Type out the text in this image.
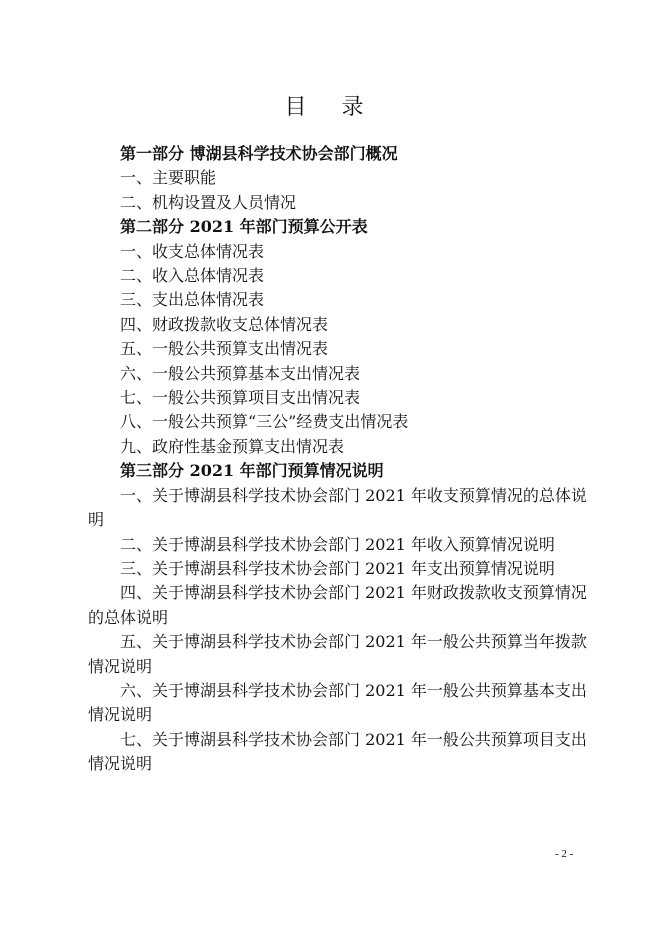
目 录
第一部分 博湖县科学技术协会部门概况
一、主要职能
二、机构设置及人员情况
第二部分 2021 年部门预算公开表
一、收支总体情况表
二、收入总体情况表
三、支出总体情况表
四、财政拨款收支总体情况表
五、一般公共预算支出情况表
六、一般公共预算基本支出情况表
七、一般公共预算项目支出情况表
八、一般公共预算“三公”经费支出情况表
九、政府性基金预算支出情况表
第三部分 2021 年部门预算情况说明
一、关于博湖县科学技术协会部门 2021 年收支预算情况的总体说明
二、关于博湖县科学技术协会部门 2021 年收入预算情况说明
三、关于博湖县科学技术协会部门 2021 年支出预算情况说明
四、关于博湖县科学技术协会部门 2021 年财政拨款收支预算情况的总体说明
五、关于博湖县科学技术协会部门 2021 年一般公共预算当年拨款情况说明
六、关于博湖县科学技术协会部门 2021 年一般公共预算基本支出情况说明
七、关于博湖县科学技术协会部门 2021 年一般公共预算项目支出情况说明
- 2 -
